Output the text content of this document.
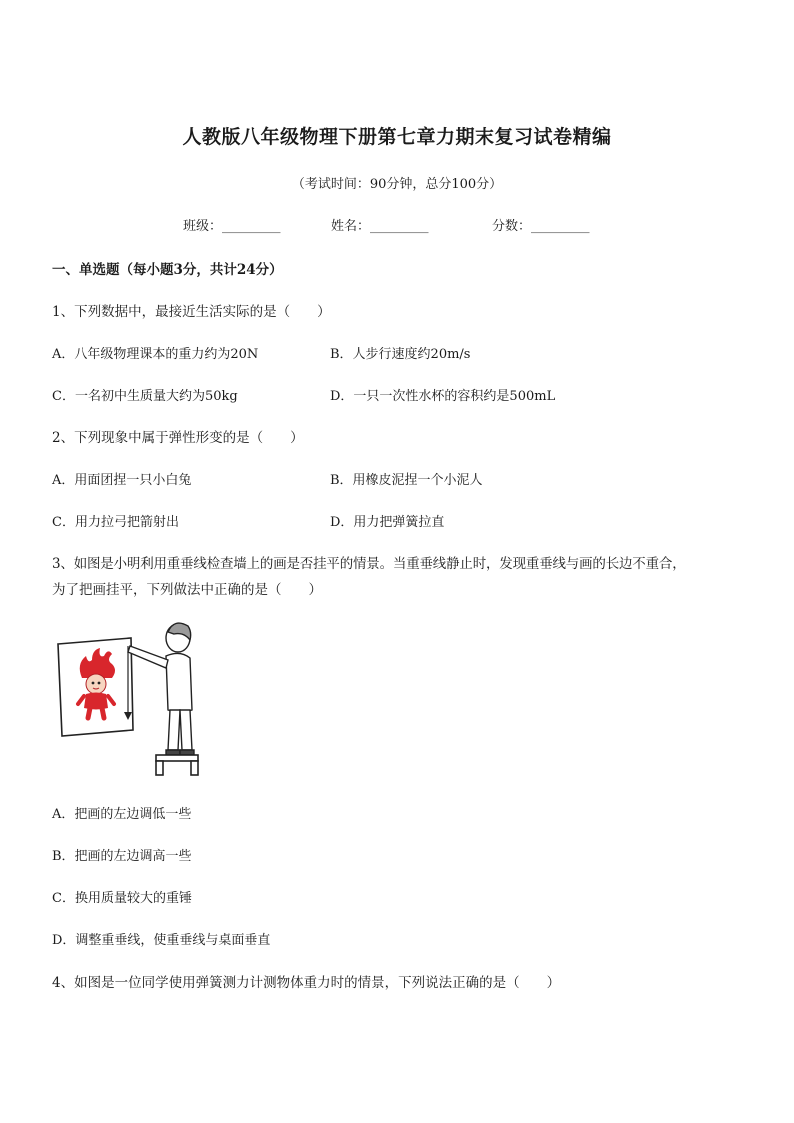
人教版八年级物理下册第七章力期末复习试卷精编
（考试时间：90分钟，总分100分）
班级：_________	姓名：_________	分数：_________
一、单选题（每小题3分，共计24分）
1、下列数据中，最接近生活实际的是（　　）
A．八年级物理课本的重力约为20N	B．人步行速度约20m/s
C．一名初中生质量大约为50kg	D．一只一次性水杯的容积约是500mL
2、下列现象中属于弹性形变的是（　　）
A．用面团捏一只小白兔	B．用橡皮泥捏一个小泥人
C．用力拉弓把箭射出	D．用力把弹簧拉直
3、如图是小明利用重垂线检查墙上的画是否挂平的情景。当重垂线静止时，发现重垂线与画的长边不重合，
为了把画挂平，下列做法中正确的是（　　）
A．把画的左边调低一些
B．把画的左边调高一些
C．换用质量较大的重锤
D．调整重垂线，使重垂线与桌面垂直
4、如图是一位同学使用弹簧测力计测物体重力时的情景，下列说法正确的是（　　）
